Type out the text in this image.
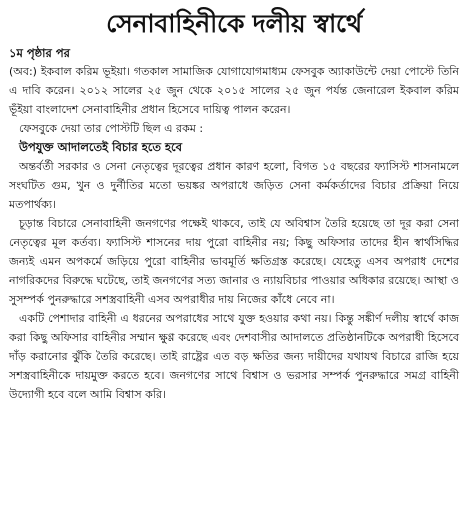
সেনাবাহিনীকে দলীয় স্বার্থে

১ম পৃষ্ঠার পর

(অব:) ইকবাল করিম ভূইয়া। গতকাল সামাজিক যোগাযোগমাধ্যম ফেসবুক অ্যাকাউন্টে দেয়া পোস্টে তিনি এ দাবি করেন। ২০১২ সালের ২৫ জুন থেকে ২০১৫ সালের ২৫ জুন পর্যন্ত জেনারেল ইকবাল করিম ভূঁইয়া বাংলাদেশ সেনাবাহিনীর প্রধান হিসেবে দায়িত্ব পালন করেন।

ফেসবুকে দেয়া তার পোস্টটি ছিল এ রকম :

উপযুক্ত আদালতেই বিচার হতে হবে

অন্তর্বর্তী সরকার ও সেনা নেতৃত্বের দূরত্বের প্রধান কারণ হলো, বিগত ১৫ বছরের ফ্যাসিস্ট শাসনামলে সংঘটিত গুম, খুন ও দুর্নীতির মতো ভয়ঙ্কর অপরাধে জড়িত সেনা কর্মকর্তাদের বিচার প্রক্রিয়া নিয়ে মতপার্থক্য।

চূড়ান্ত বিচারে সেনাবাহিনী জনগণের পক্ষেই থাকবে, তাই যে অবিশ্বাস তৈরি হয়েছে তা দূর করা সেনা নেতৃত্বের মূল কর্তব্য। ফ্যাসিস্ট শাসনের দায় পুরো বাহিনীর নয়; কিছু অফিসার তাদের হীন স্বার্থসিদ্ধির জন্যই এমন অপকর্মে জড়িয়ে পুরো বাহিনীর ভাবমূর্তি ক্ষতিগ্রস্ত করেছে। যেহেতু এসব অপরাধ দেশের নাগরিকদের বিরুদ্ধে ঘটেছে, তাই জনগণের সত্য জানার ও ন্যায়বিচার পাওয়ার অধিকার রয়েছে। আস্থা ও সুসম্পর্ক পুনরুদ্ধারে সশস্ত্রবাহিনী এসব অপরাধীর দায় নিজের কাঁধে নেবে না।

একটি পেশাদার বাহিনী এ ধরনের অপরাধের সাথে যুক্ত হওয়ার কথা নয়। কিন্তু সঙ্কীর্ণ দলীয় স্বার্থে কাজ করা কিছু অফিসার বাহিনীর সম্মান ক্ষুণ্ণ করেছে এবং দেশবাসীর আদালতে প্রতিষ্ঠানটিকে অপরাধী হিসেবে দাঁড় করানোর ঝুঁকি তৈরি করেছে। তাই রাষ্ট্রের এত বড় ক্ষতির জন্য দায়ীদের যথাযথ বিচারে রাজি হয়ে সশস্ত্রবাহিনীকে দায়মুক্ত করতে হবে। জনগণের সাথে বিশ্বাস ও ভরসার সম্পর্ক পুনরুদ্ধারে সমগ্র বাহিনী উদ্যোগী হবে বলে আমি বিশ্বাস করি।
